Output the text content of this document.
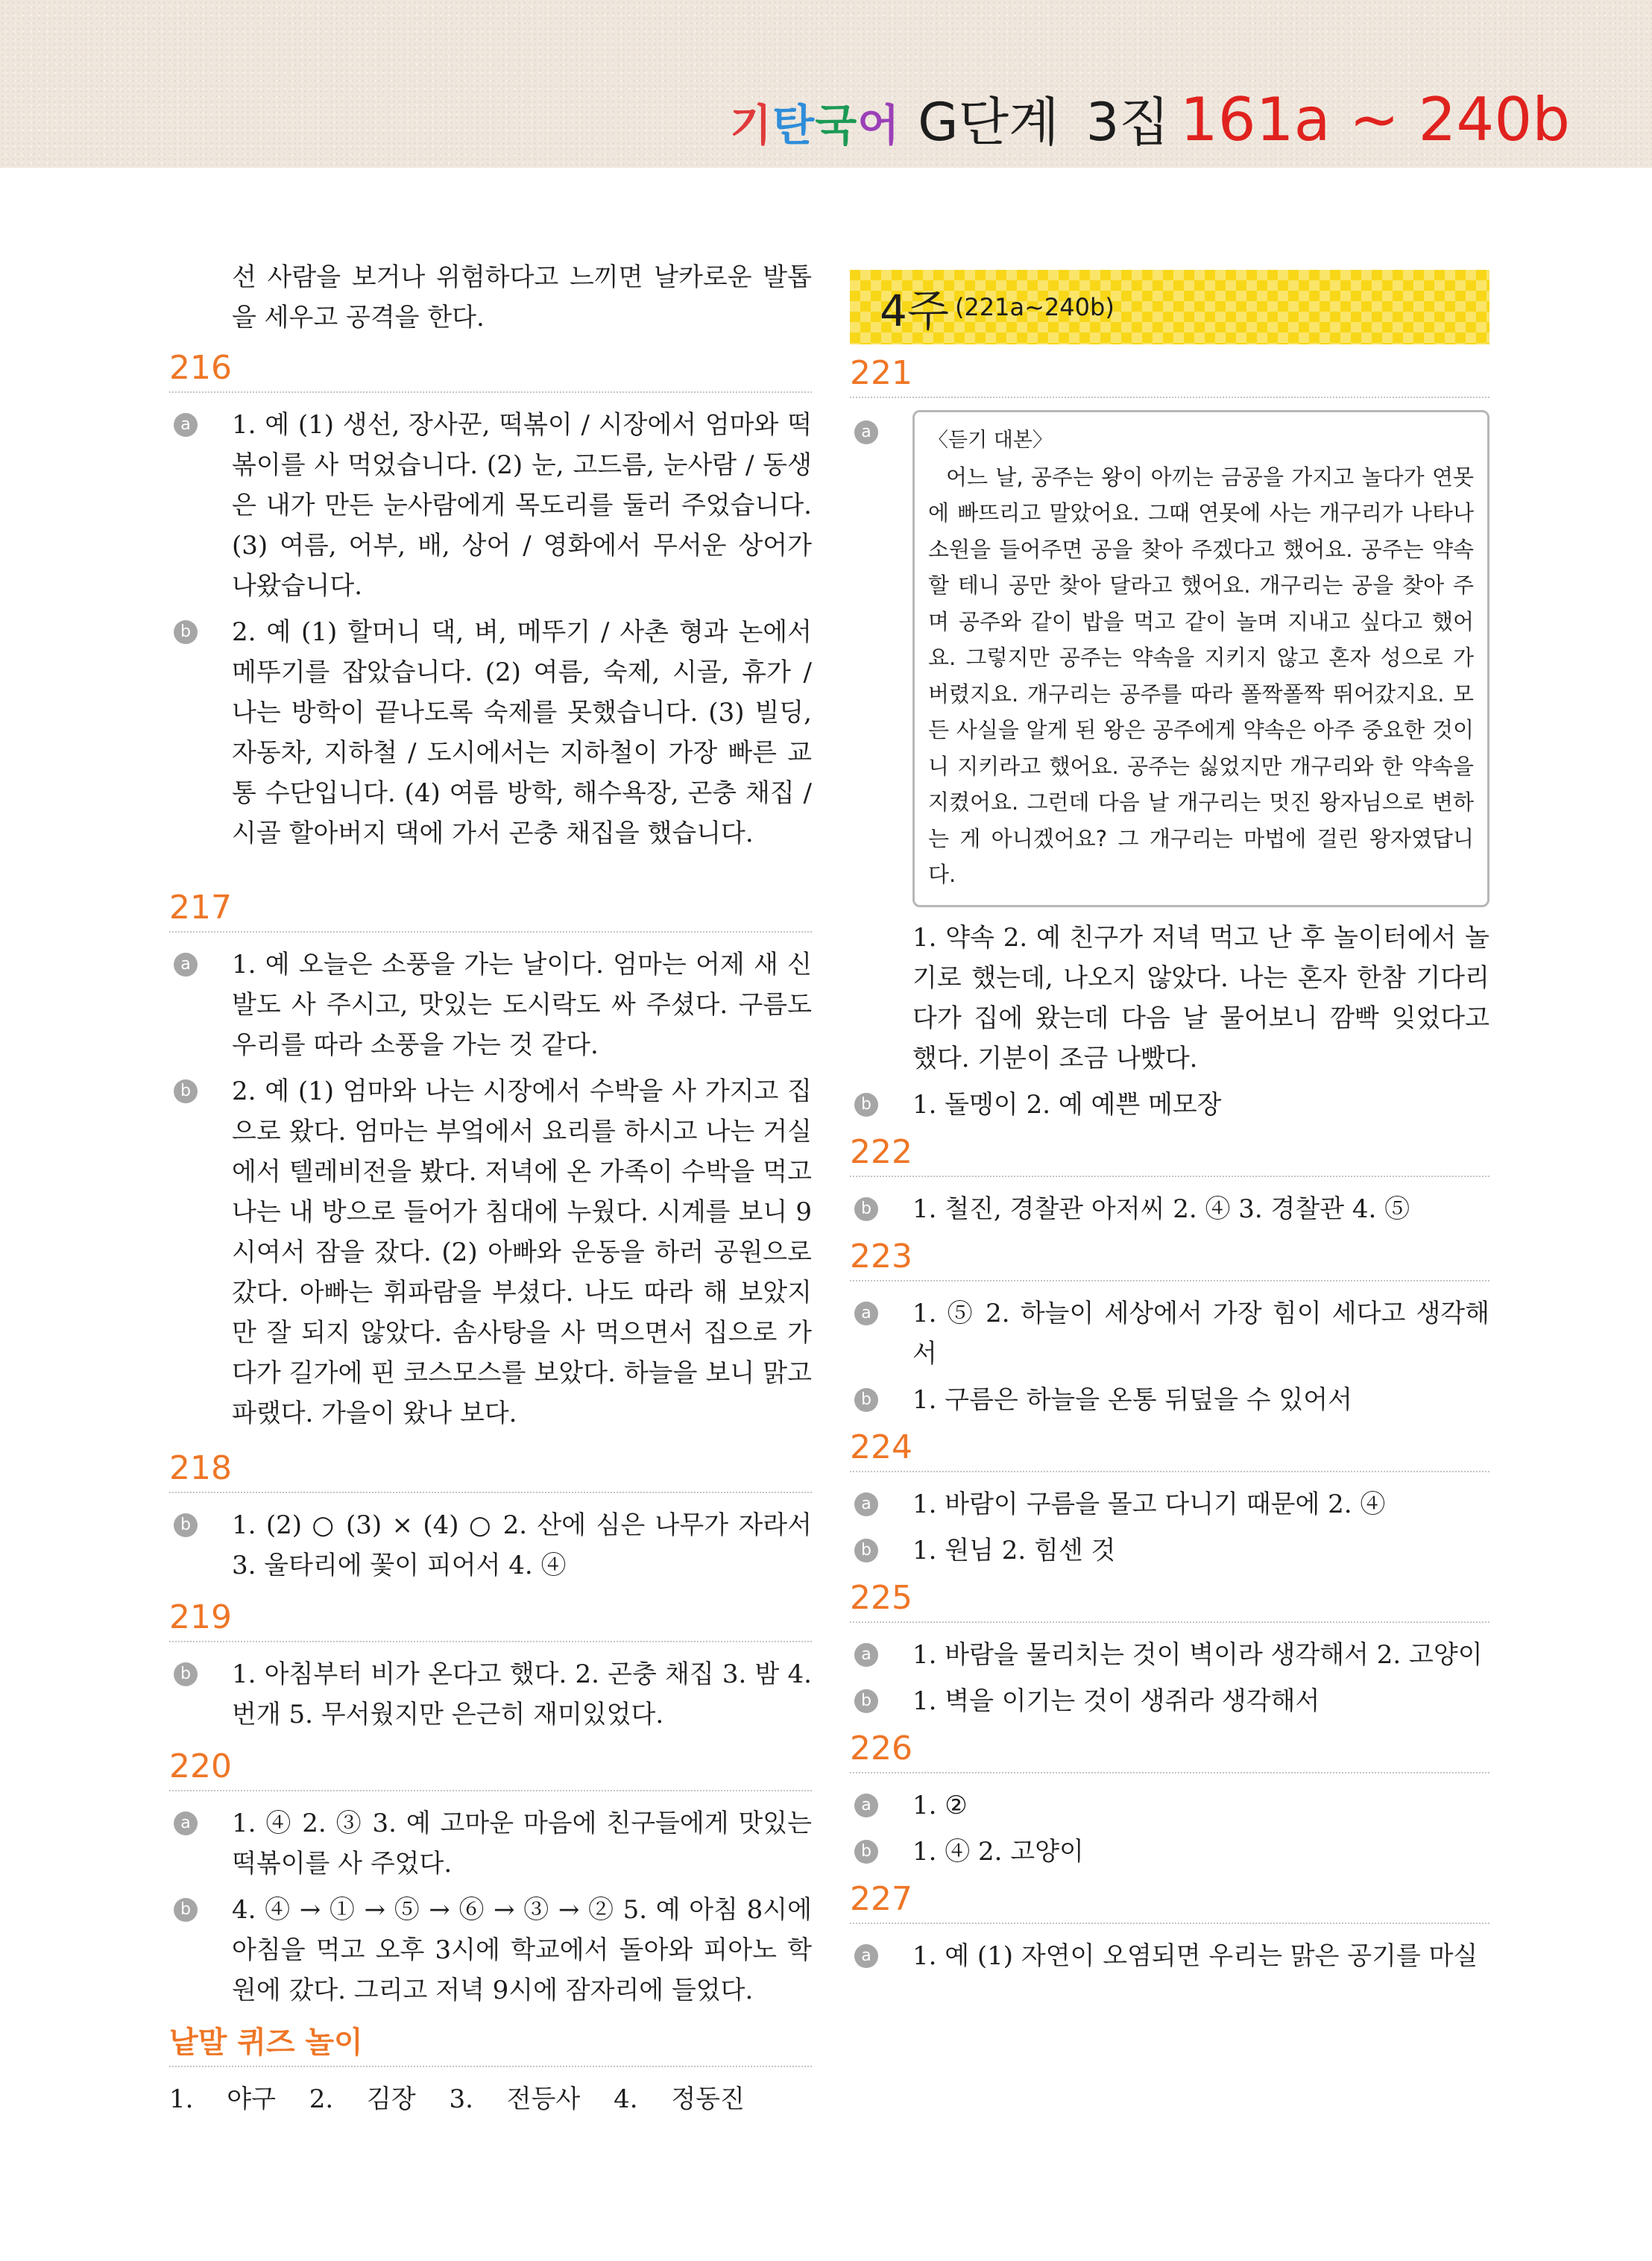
기탄국어 G단계 3집 161a ~ 240b
선 사람을 보거나 위험하다고 느끼면 날카로운 발톱을 세우고 공격을 한다.
216
a 1. 예 (1) 생선, 장사꾼, 떡볶이 / 시장에서 엄마와 떡볶이를 사 먹었습니다. (2) 눈, 고드름, 눈사람 / 동생은 내가 만든 눈사람에게 목도리를 둘러 주었습니다. (3) 여름, 어부, 배, 상어 / 영화에서 무서운 상어가 나왔습니다.
b 2. 예 (1) 할머니 댁, 벼, 메뚜기 / 사촌 형과 논에서 메뚜기를 잡았습니다. (2) 여름, 숙제, 시골, 휴가 / 나는 방학이 끝나도록 숙제를 못했습니다. (3) 빌딩, 자동차, 지하철 / 도시에서는 지하철이 가장 빠른 교통 수단입니다. (4) 여름 방학, 해수욕장, 곤충 채집 / 시골 할아버지 댁에 가서 곤충 채집을 했습니다.
217
a 1. 예 오늘은 소풍을 가는 날이다. 엄마는 어제 새 신발도 사 주시고, 맛있는 도시락도 싸 주셨다. 구름도 우리를 따라 소풍을 가는 것 같다.
b 2. 예 (1) 엄마와 나는 시장에서 수박을 사 가지고 집으로 왔다. 엄마는 부엌에서 요리를 하시고 나는 거실에서 텔레비전을 봤다. 저녁에 온 가족이 수박을 먹고 나는 내 방으로 들어가 침대에 누웠다. 시계를 보니 9시여서 잠을 잤다. (2) 아빠와 운동을 하러 공원으로 갔다. 아빠는 휘파람을 부셨다. 나도 따라 해 보았지만 잘 되지 않았다. 솜사탕을 사 먹으면서 집으로 가다가 길가에 핀 코스모스를 보았다. 하늘을 보니 맑고 파랬다. 가을이 왔나 보다.
218
b 1. (2) ○ (3) × (4) ○ 2. 산에 심은 나무가 자라서 3. 울타리에 꽃이 피어서 4. ④
219
b 1. 아침부터 비가 온다고 했다. 2. 곤충 채집 3. 밤 4. 번개 5. 무서웠지만 은근히 재미있었다.
220
a 1. ④ 2. ③ 3. 예 고마운 마음에 친구들에게 맛있는 떡볶이를 사 주었다.
b 4. ④ → ① → ⑤ → ⑥ → ③ → ② 5. 예 아침 8시에 아침을 먹고 오후 3시에 학교에서 돌아와 피아노 학원에 갔다. 그리고 저녁 9시에 잠자리에 들었다.
낱말 퀴즈 놀이
1. 야구 2. 김장 3. 전등사 4. 정동진
4주 (221a~240b)
221
a	〈듣기 대본〉

어느 날, 공주는 왕이 아끼는 금공을 가지고 놀다가 연못에 빠뜨리고 말았어요. 그때 연못에 사는 개구리가 나타나 소원을 들어주면 공을 찾아 주겠다고 했어요. 공주는 약속할 테니 공만 찾아 달라고 했어요. 개구리는 공을 찾아 주며 공주와 같이 밥을 먹고 같이 놀며 지내고 싶다고 했어요. 그렇지만 공주는 약속을 지키지 않고 혼자 성으로 가 버렸지요. 개구리는 공주를 따라 폴짝폴짝 뛰어갔지요. 모든 사실을 알게 된 왕은 공주에게 약속은 아주 중요한 것이니 지키라고 했어요. 공주는 싫었지만 개구리와 한 약속을 지켰어요. 그런데 다음 날 개구리는 멋진 왕자님으로 변하는 게 아니겠어요? 그 개구리는 마법에 걸린 왕자였답니다.

1. 약속 2. 예 친구가 저녁 먹고 난 후 놀이터에서 놀기로 했는데, 나오지 않았다. 나는 혼자 한참 기다리다가 집에 왔는데 다음 날 물어보니 깜빡 잊었다고 했다. 기분이 조금 나빴다.
b 1. 돌멩이 2. 예 예쁜 메모장
222
b 1. 철진, 경찰관 아저씨 2. ④ 3. 경찰관 4. ⑤
223
a 1. ⑤ 2. 하늘이 세상에서 가장 힘이 세다고 생각해서
b 1. 구름은 하늘을 온통 뒤덮을 수 있어서
224
a 1. 바람이 구름을 몰고 다니기 때문에 2. ④
b 1. 원님 2. 힘센 것
225
a 1. 바람을 물리치는 것이 벽이라 생각해서 2. 고양이
b 1. 벽을 이기는 것이 생쥐라 생각해서
226
a 1. ②
b 1. ④ 2. 고양이
227
a 1. 예 (1) 자연이 오염되면 우리는 맑은 공기를 마실
